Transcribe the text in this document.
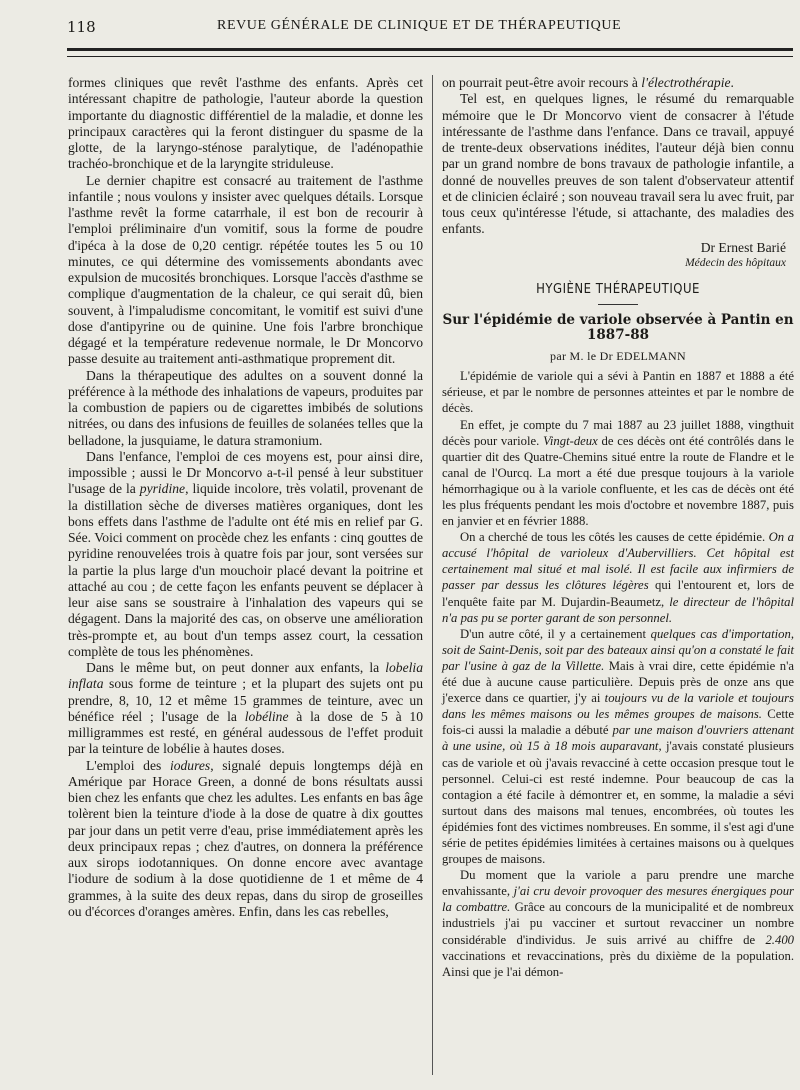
118	REVUE GÉNÉRALE DE CLINIQUE ET DE THÉRAPEUTIQUE

formes cliniques que revêt l'asthme des enfants. Après cet intéressant chapitre de pathologie, l'auteur aborde la question importante du diagnostic différentiel de la maladie, et donne les principaux caractères qui la feront distinguer du spasme de la glotte, de la laryngo-sténose paralytique, de l'adénopathie trachéo-bronchique et de la laryngite striduleuse.

Le dernier chapitre est consacré au traitement de l'asthme infantile ; nous voulons y insister avec quelques détails. Lorsque l'asthme revêt la forme catarrhale, il est bon de recourir à l'emploi préliminaire d'un vomitif, sous la forme de poudre d'ipéca à la dose de 0,20 centigr. répétée toutes les 5 ou 10 minutes, ce qui détermine des vomissements abondants avec expulsion de mucosités bronchiques. Lorsque l'accès d'asthme se complique d'augmentation de la chaleur, ce qui serait dû, bien souvent, à l'impaludisme concomitant, le vomitif est suivi d'une dose d'antipyrine ou de quinine. Une fois l'arbre bronchique dégagé et la température redevenue normale, le Dr Moncorvo passe desuite au traitement anti-asthmatique proprement dit.

Dans la thérapeutique des adultes on a souvent donné la préférence à la méthode des inhalations de vapeurs, produites par la combustion de papiers ou de cigarettes imbibés de solutions nitrées, ou dans des infusions de feuilles de solanées telles que la belladone, la jusquiame, le datura stramonium.

Dans l'enfance, l'emploi de ces moyens est, pour ainsi dire, impossible ; aussi le Dr Moncorvo a-t-il pensé à leur substituer l'usage de la pyridine, liquide incolore, très volatil, provenant de la distillation sèche de diverses matières organiques, dont les bons effets dans l'asthme de l'adulte ont été mis en relief par G. Sée. Voici comment on procède chez les enfants : cinq gouttes de pyridine renouvelées trois à quatre fois par jour, sont versées sur la partie la plus large d'un mouchoir placé devant la poitrine et attaché au cou ; de cette façon les enfants peuvent se déplacer à leur aise sans se soustraire à l'inhalation des vapeurs qui se dégagent. Dans la majorité des cas, on observe une amélioration très-prompte et, au bout d'un temps assez court, la cessation complète de tous les phénomènes.

Dans le même but, on peut donner aux enfants, la lobelia inflata sous forme de teinture ; et la plupart des sujets ont pu prendre, 8, 10, 12 et même 15 grammes de teinture, avec un bénéfice réel ; l'usage de la lobéline à la dose de 5 à 10 milligrammes est resté, en général audessous de l'effet produit par la teinture de lobélie à hautes doses.

L'emploi des iodures, signalé depuis longtemps déjà en Amérique par Horace Green, a donné de bons résultats aussi bien chez les enfants que chez les adultes. Les enfants en bas âge tolèrent bien la teinture d'iode à la dose de quatre à dix gouttes par jour dans un petit verre d'eau, prise immédiatement après les deux principaux repas ; chez d'autres, on donnera la préférence aux sirops iodotanniques. On donne encore avec avantage l'iodure de sodium à la dose quotidienne de 1 et même de 4 grammes, à la suite des deux repas, dans du sirop de groseilles ou d'écorces d'oranges amères. Enfin, dans les cas rebelles,

on pourrait peut-être avoir recours à l'électrothérapie.

Tel est, en quelques lignes, le résumé du remarquable mémoire que le Dr Moncorvo vient de consacrer à l'étude intéressante de l'asthme dans l'enfance. Dans ce travail, appuyé de trente-deux observations inédites, l'auteur déjà bien connu par un grand nombre de bons travaux de pathologie infantile, a donné de nouvelles preuves de son talent d'observateur attentif et de clinicien éclairé ; son nouveau travail sera lu avec fruit, par tous ceux qu'intéresse l'étude, si attachante, des maladies des enfants.

Dr Ernest Barié
Médecin des hôpitaux
HYGIÈNE THÉRAPEUTIQUE
Sur l'épidémie de variole observée à Pantin en 1887-88
par M. le Dr EDELMANN

L'épidémie de variole qui a sévi à Pantin en 1887 et 1888 a été sérieuse, et par le nombre de personnes atteintes et par le nombre de décès.

En effet, je compte du 7 mai 1887 au 23 juillet 1888, vingthuit décès pour variole. Vingt-deux de ces décès ont été contrôlés dans le quartier dit des Quatre-Chemins situé entre la route de Flandre et le canal de l'Ourcq. La mort a été due presque toujours à la variole hémorrhagique ou à la variole confluente, et les cas de décès ont été les plus fréquents pendant les mois d'octobre et novembre 1887, puis en janvier et en février 1888.

On a cherché de tous les côtés les causes de cette épidémie. On a accusé l'hôpital de varioleux d'Aubervilliers. Cet hôpital est certainement mal situé et mal isolé. Il est facile aux infirmiers de passer par dessus les clôtures légères qui l'entourent et, lors de l'enquête faite par M. Dujardin-Beaumetz, le directeur de l'hôpital n'a pas pu se porter garant de son personnel.

D'un autre côté, il y a certainement quelques cas d'importation, soit de Saint-Denis, soit par des bateaux ainsi qu'on a constaté le fait par l'usine à gaz de la Villette. Mais à vrai dire, cette épidémie n'a été due à aucune cause particulière. Depuis près de onze ans que j'exerce dans ce quartier, j'y ai toujours vu de la variole et toujours dans les mêmes maisons ou les mêmes groupes de maisons. Cette fois-ci aussi la maladie a débuté par une maison d'ouvriers attenant à une usine, où 15 à 18 mois auparavant, j'avais constaté plusieurs cas de variole et où j'avais revacciné à cette occasion presque tout le personnel. Celui-ci est resté indemne. Pour beaucoup de cas la contagion a été facile à démontrer et, en somme, la maladie a sévi surtout dans des maisons mal tenues, encombrées, où toutes les épidémies font des victimes nombreuses. En somme, il s'est agi d'une série de petites épidémies limitées à certaines maisons ou à quelques groupes de maisons.

Du moment que la variole a paru prendre une marche envahissante, j'ai cru devoir provoquer des mesures énergiques pour la combattre. Grâce au concours de la municipalité et de nombreux industriels j'ai pu vacciner et surtout revacciner un nombre considérable d'individus. Je suis arrivé au chiffre de 2.400 vaccinations et revaccinations, près du dixième de la population. Ainsi que je l'ai démon-
